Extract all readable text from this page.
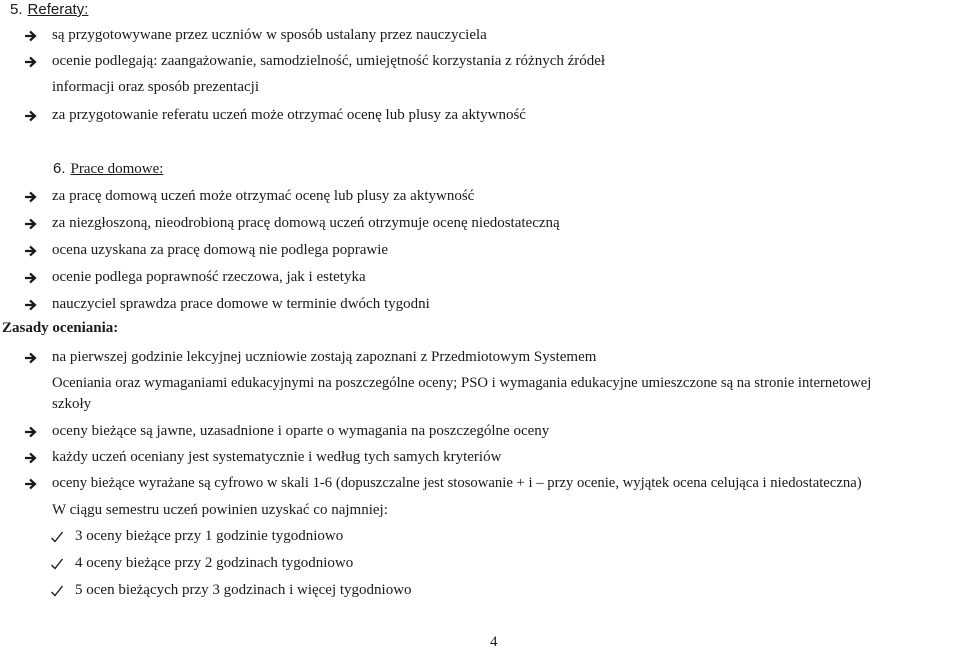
5. Referaty:
są przygotowywane przez uczniów w sposób ustalany przez nauczyciela
ocenie podlegają: zaangażowanie, samodzielność, umiejętność korzystania z różnych źródeł
informacji oraz sposób prezentacji
za przygotowanie referatu uczeń może otrzymać ocenę lub plusy za aktywność
6. Prace domowe:
za pracę domową uczeń może otrzymać ocenę lub plusy za aktywność
za niezgłoszoną, nieodrobioną pracę domową uczeń otrzymuje ocenę niedostateczną
ocena uzyskana za pracę domową nie podlega poprawie
ocenie podlega poprawność rzeczowa, jak i estetyka
nauczyciel sprawdza prace domowe w terminie dwóch tygodni
Zasady oceniania:
na pierwszej godzinie lekcyjnej uczniowie zostają zapoznani z Przedmiotowym Systemem
Oceniania oraz wymaganiami edukacyjnymi na poszczególne oceny; PSO i wymagania edukacyjne umieszczone są na stronie internetowej
szkoły
oceny bieżące są jawne, uzasadnione i oparte o wymagania na poszczególne oceny
każdy uczeń oceniany jest systematycznie i według tych samych kryteriów
oceny bieżące wyrażane są cyfrowo w skali 1-6 (dopuszczalne jest stosowanie + i – przy ocenie, wyjątek ocena celująca i niedostateczna)
W ciągu semestru uczeń powinien uzyskać co najmniej:
3 oceny bieżące przy 1 godzinie tygodniowo
4 oceny bieżące przy 2 godzinach tygodniowo
5 ocen bieżących przy 3 godzinach i więcej tygodniowo
4
